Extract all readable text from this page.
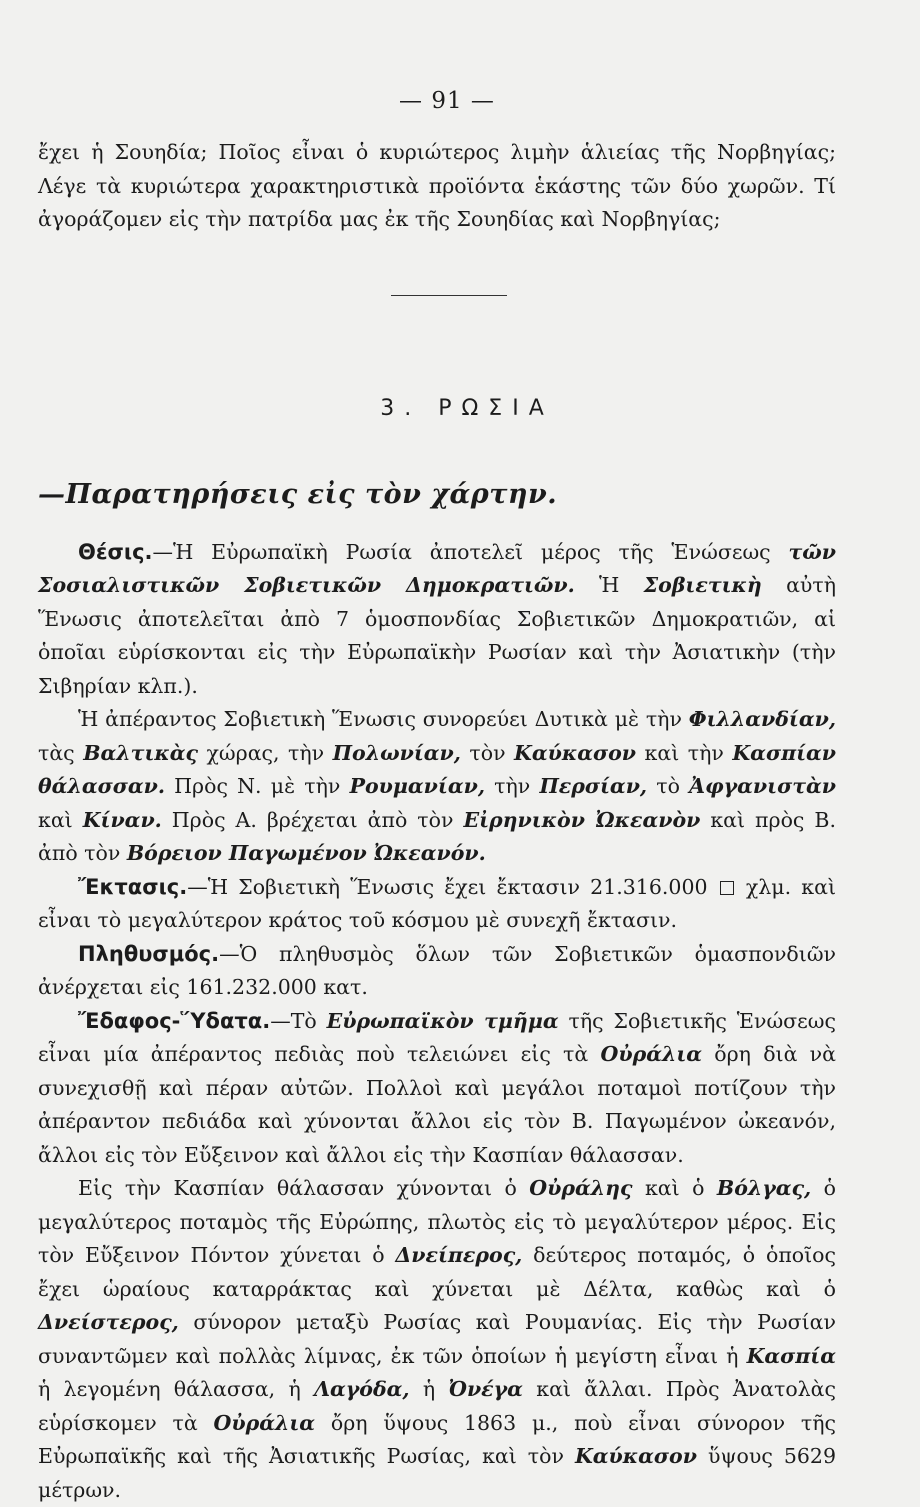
— 91 —

ἔχει ἡ Σουηδία; Ποῖος εἶναι ὁ κυριώτερος λιμὴν ἁλιείας τῆς Νορβηγίας; Λέγε τὰ κυριώτερα χαρακτηριστικὰ προϊόντα ἑκάστης τῶν δύο χωρῶν. Τί ἀγοράζομεν εἰς τὴν πατρίδα μας ἐκ τῆς Σουηδίας καὶ Νορβηγίας;

3. ΡΩΣΙΑ
—Παρατηρήσεις εἰς τὸν χάρτην.

Θέσις.—Ἡ Εὐρωπαϊκὴ Ρωσία ἀποτελεῖ μέρος τῆς Ἑνώσεως τῶν Σοσιαλιστικῶν Σοβιετικῶν Δημοκρατιῶν. Ἡ Σοβιετικὴ αὐτὴ Ἕνωσις ἀποτελεῖται ἀπὸ 7 ὁμοσπονδίας Σοβιετικῶν Δημοκρατιῶν, αἱ ὁποῖαι εὑρίσκονται εἰς τὴν Εὐρωπαϊκὴν Ρωσίαν καὶ τὴν Ἀσιατικὴν (τὴν Σιβηρίαν κλπ.).

Ἡ ἀπέραντος Σοβιετικὴ Ἕνωσις συνορεύει Δυτικὰ μὲ τὴν Φιλλανδίαν, τὰς Βαλτικὰς χώρας, τὴν Πολωνίαν, τὸν Καύκασον καὶ τὴν Κασπίαν θάλασσαν. Πρὸς Ν. μὲ τὴν Ρουμανίαν, τὴν Περσίαν, τὸ Ἀφγανιστὰν καὶ Κίναν. Πρὸς Α. βρέχεται ἀπὸ τὸν Εἰρηνικὸν Ὠκεανὸν καὶ πρὸς Β. ἀπὸ τὸν Βόρειον Παγωμένον Ὠκεανόν.

Ἔκτασις.—Ἡ Σοβιετικὴ Ἕνωσις ἔχει ἔκτασιν 21.316.000  χλμ. καὶ εἶναι τὸ μεγαλύτερον κράτος τοῦ κόσμου μὲ συνεχῆ ἔκτασιν.

Πληθυσμός.—Ὁ πληθυσμὸς ὅλων τῶν Σοβιετικῶν ὁμασπονδιῶν ἀνέρχεται εἰς 161.232.000 κατ.

Ἔδαφος-Ὕδατα.—Τὸ Εὐρωπαϊκὸν τμῆμα τῆς Σοβιετικῆς Ἑνώσεως εἶναι μία ἀπέραντος πεδιὰς ποὺ τελειώνει εἰς τὰ Οὐράλια ὄρη διὰ νὰ συνεχισθῇ καὶ πέραν αὐτῶν. Πολλοὶ καὶ μεγάλοι ποταμοὶ ποτίζουν τὴν ἀπέραντον πεδιάδα καὶ χύνονται ἄλλοι εἰς τὸν Β. Παγωμένον ὠκεανόν, ἄλλοι εἰς τὸν Εὔξεινον καὶ ἄλλοι εἰς τὴν Κασπίαν θάλασσαν.

Εἰς τὴν Κασπίαν θάλασσαν χύνονται ὁ Οὐράλης καὶ ὁ Βόλγας, ὁ μεγαλύτερος ποταμὸς τῆς Εὐρώπης, πλωτὸς εἰς τὸ μεγαλύτερον μέρος. Εἰς τὸν Εὔξεινον Πόντον χύνεται ὁ Δνείπερος, δεύτερος ποταμός, ὁ ὁποῖος ἔχει ὡραίους καταρράκτας καὶ χύνεται μὲ Δέλτα, καθὼς καὶ ὁ Δνείστερος, σύνορον μεταξὺ Ρωσίας καὶ Ρουμανίας. Εἰς τὴν Ρωσίαν συναντῶμεν καὶ πολλὰς λίμνας, ἐκ τῶν ὁποίων ἡ μεγίστη εἶναι ἡ Κασπία ἡ λεγομένη θάλασσα, ἡ Λαγόδα, ἡ Ὀνέγα καὶ ἄλλαι. Πρὸς Ἀνατολὰς εὑρίσκομεν τὰ Οὐράλια ὄρη ὕψους 1863 μ., ποὺ εἶναι σύνορον τῆς Εὐρωπαϊκῆς καὶ τῆς Ἀσιατικῆς Ρωσίας, καὶ τὸν Καύκασον ὕψους 5629 μέτρων.
